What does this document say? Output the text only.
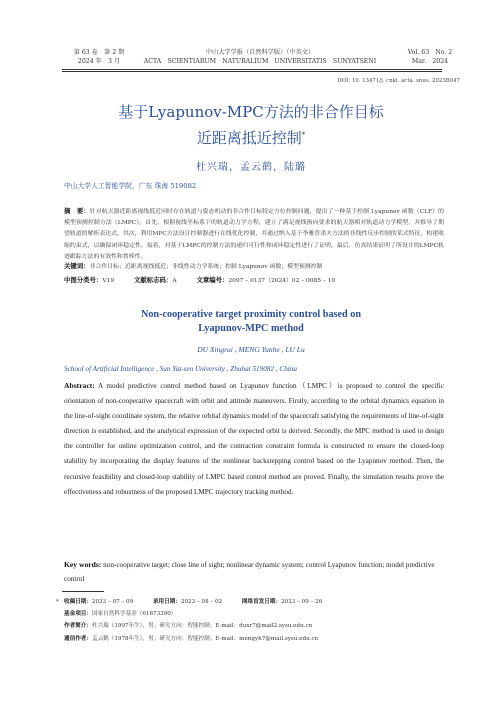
第 63 卷　第 2 期
2024 年　3 月
中山大学学报（自然科学版）（中英文）
ACTA　SCIENTIARUM　NATURALIUM　UNIVERSITATIS　SUNYATSENI
Vol. 63　No. 2
Mar.　2024
DOI: 10. 13471/j. cnki. acta. snus. 2023B047
基于Lyapunov-MPC方法的非合作目标
近距离抵近控制*
杜兴瑞，孟云鹤，陆璐
中山大学人工智能学院，广东 珠海 519082
摘　要：针对航天器近距离视线抵近同时存在轨道与姿态机动的非合作目标特定方位控制问题，提出了一种基于控制 Lyapunov 函数（CLF）的模型预测控制方法（LMPC）。首先，根据视线坐标系下的轨道动力学方程，建立了满足视线指向要求的航天器相对轨道动力学模型，并推导了期望轨道的解析表达式。其次，利用MPC方法设计控制器进行在线优化控制，并通过纳入基于李雅普诺夫方法的非线性反步控制的某式特征，构建收缩约束式，以确保闭环稳定性。接着，对基于LMPC的控制方法的递归可行性和闭环稳定性进行了证明。最后，仿真结果证明了所设计的LMPC轨迹跟踪方法的有效性和鲁棒性。
关键词：非合作目标；近距离视线抵近；非线性动力学系统；控制 Lyapunov 函数；模型预测控制
中图分类号：V19	文献标志码：A	文章编号：2097 – 0137（2024）02 – 0085 – 10
Non-cooperative target proximity control based on
Lyapunov-MPC method
DU Xingrui , MENG Yunhe , LU Lu
School of Artificial Intelligence , Sun Yat-sen University , Zhuhai 519082 , China
Abstract: A model predictive control method based on Lyapunov function（LMPC）is proposed to control the specific orientation of non-cooperative spacecraft with orbit and attitude maneuvers. Firstly, according to the orbital dynamics equation in the line-of-sight coordinate system, the relative orbital dynamics model of the spacecraft satisfying the requirements of line-of-sight direction is established, and the analytical expression of the expected orbit is derived. Secondly, the MPC method is used to design the controller for online optimization control, and the contraction constraint formula is constructed to ensure the closed-loop stability by incorporating the display features of the nonlinear backstepping control based on the Lyapunov method. Then, the recursive feasibility and closed-loop stability of LMPC based control method are proved. Finally, the simulation results prove the effectiveness and robustness of the proposed LMPC trajectory tracking method.
Key words: non-cooperative target; close line of sight; nonlinear dynamic system; control Lyapunov function; model predictive control
* 收稿日期：2023 – 07 – 09	录用日期：2023 – 08 – 02	网络首发日期：2023 – 09 – 26
基金项目：国家自然科学基金（61673390）
作者简介：杜兴瑞（1997年生），男；研究方向：智能控制；E-mail：duxr7@mail2.sysu.edu.cn
通信作者：孟云鹤（1978年生），男；研究方向：智能控制；E-mail：mengyh7@mail.sysu.edu.cn
